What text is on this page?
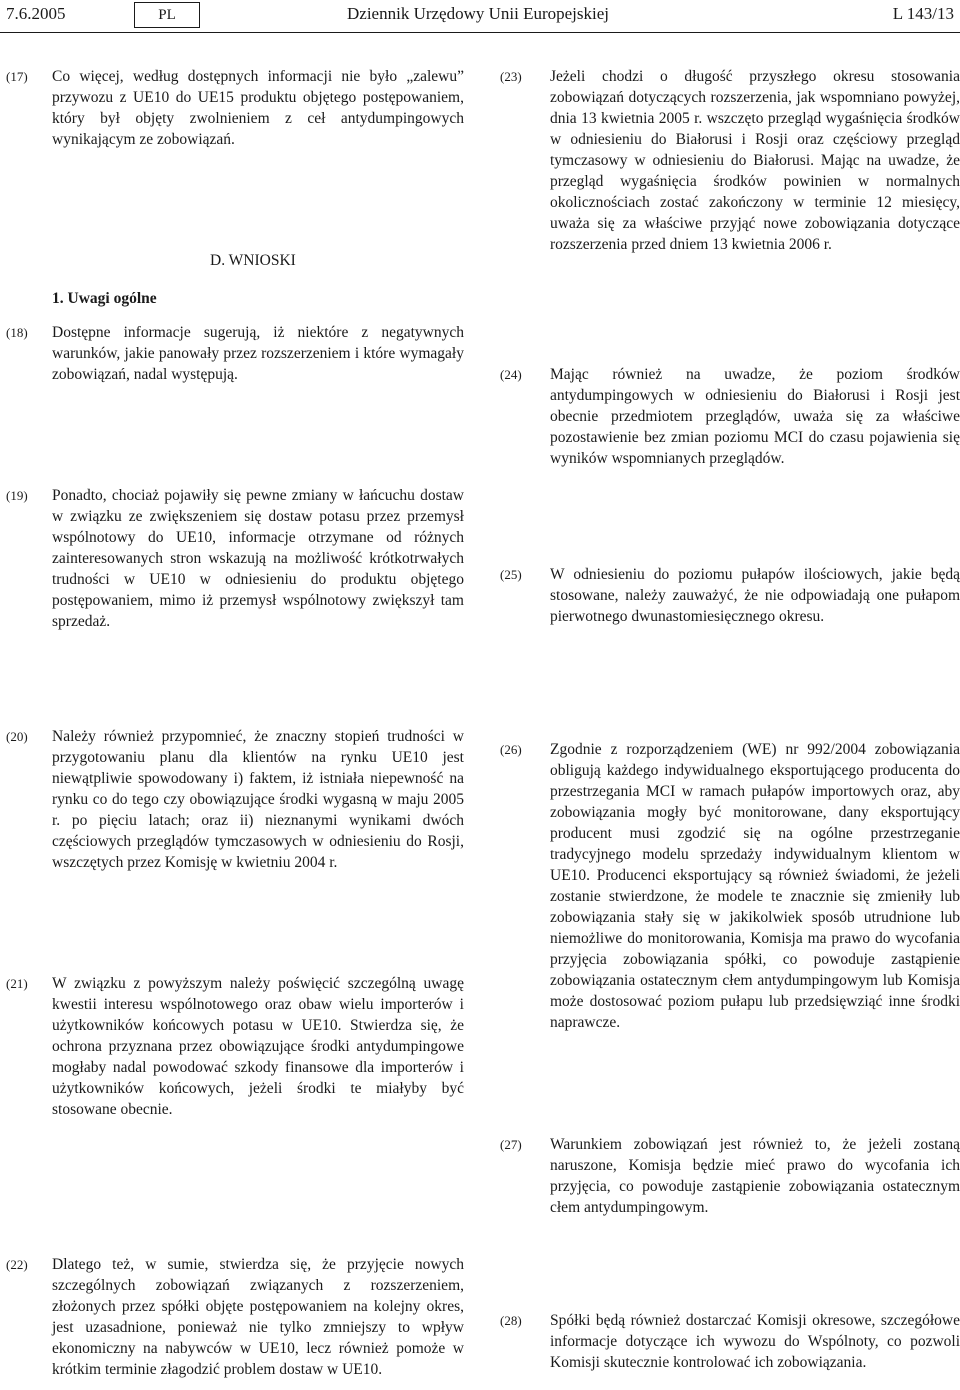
7.6.2005	PL	Dziennik Urzędowy Unii Europejskiej	L 143/13
(17) Co więcej, według dostępnych informacji nie było „zalewu” przywozu z UE10 do UE15 produktu objętego postępowaniem, który był objęty zwolnieniem z ceł antydumpingowych wynikającym ze zobowiązań.
D. WNIOSKI
1. Uwagi ogólne
(18) Dostępne informacje sugerują, iż niektóre z negatywnych warunków, jakie panowały przez rozszerzeniem i które wymagały zobowiązań, nadal występują.
(19) Ponadto, chociaż pojawiły się pewne zmiany w łańcuchu dostaw w związku ze zwiększeniem się dostaw potasu przez przemysł wspólnotowy do UE10, informacje otrzymane od różnych zainteresowanych stron wskazują na możliwość krótkotrwałych trudności w UE10 w odniesieniu do produktu objętego postępowaniem, mimo iż przemysł wspólnotowy zwiększył tam sprzedaż.
(20) Należy również przypomnieć, że znaczny stopień trudności w przygotowaniu planu dla klientów na rynku UE10 jest niewątpliwie spowodowany i) faktem, iż istniała niepewność na rynku co do tego czy obowiązujące środki wygasną w maju 2005 r. po pięciu latach; oraz ii) nieznanymi wynikami dwóch częściowych przeglądów tymczasowych w odniesieniu do Rosji, wszczętych przez Komisję w kwietniu 2004 r.
(21) W związku z powyższym należy poświęcić szczególną uwagę kwestii interesu wspólnotowego oraz obaw wielu importerów i użytkowników końcowych potasu w UE10. Stwierdza się, że ochrona przyznana przez obowiązujące środki antydumpingowe mogłaby nadal powodować szkody finansowe dla importerów i użytkowników końcowych, jeżeli środki te miałyby być stosowane obecnie.
(22) Dlatego też, w sumie, stwierdza się, że przyjęcie nowych szczególnych zobowiązań związanych z rozszerzeniem, złożonych przez spółki objęte postępowaniem na kolejny okres, jest uzasadnione, ponieważ nie tylko zmniejszy to wpływ ekonomiczny na nabywców w UE10, lecz również pomoże w krótkim terminie złagodzić problem dostaw w UE10.
(23) Jeżeli chodzi o długość przyszłego okresu stosowania zobowiązań dotyczących rozszerzenia, jak wspomniano powyżej, dnia 13 kwietnia 2005 r. wszczęto przegląd wygaśnięcia środków w odniesieniu do Białorusi i Rosji oraz częściowy przegląd tymczasowy w odniesieniu do Białorusi. Mając na uwadze, że przegląd wygaśnięcia środków powinien w normalnych okolicznościach zostać zakończony w terminie 12 miesięcy, uważa się za właściwe przyjąć nowe zobowiązania dotyczące rozszerzenia przed dniem 13 kwietnia 2006 r.
(24) Mając również na uwadze, że poziom środków antydumpingowych w odniesieniu do Białorusi i Rosji jest obecnie przedmiotem przeglądów, uważa się za właściwe pozostawienie bez zmian poziomu MCI do czasu pojawienia się wyników wspomnianych przeglądów.
(25) W odniesieniu do poziomu pułapów ilościowych, jakie będą stosowane, należy zauważyć, że nie odpowiadają one pułapom pierwotnego dwunastomiesięcznego okresu.
(26) Zgodnie z rozporządzeniem (WE) nr 992/2004 zobowiązania obligują każdego indywidualnego eksportującego producenta do przestrzegania MCI w ramach pułapów importowych oraz, aby zobowiązania mogły być monitorowane, dany eksportujący producent musi zgodzić się na ogólne przestrzeganie tradycyjnego modelu sprzedaży indywidualnym klientom w UE10. Producenci eksportujący są również świadomi, że jeżeli zostanie stwierdzone, że modele te znacznie się zmieniły lub zobowiązania stały się w jakikolwiek sposób utrudnione lub niemożliwe do monitorowania, Komisja ma prawo do wycofania przyjęcia zobowiązania spółki, co powoduje zastąpienie zobowiązania ostatecznym cłem antydumpingowym lub Komisja może dostosować poziom pułapu lub przedsięwziąć inne środki naprawcze.
(27) Warunkiem zobowiązań jest również to, że jeżeli zostaną naruszone, Komisja będzie mieć prawo do wycofania ich przyjęcia, co powoduje zastąpienie zobowiązania ostatecznym cłem antydumpingowym.
(28) Spółki będą również dostarczać Komisji okresowe, szczegółowe informacje dotyczące ich wywozu do Wspólnoty, co pozwoli Komisji skutecznie kontrolować ich zobowiązania.
